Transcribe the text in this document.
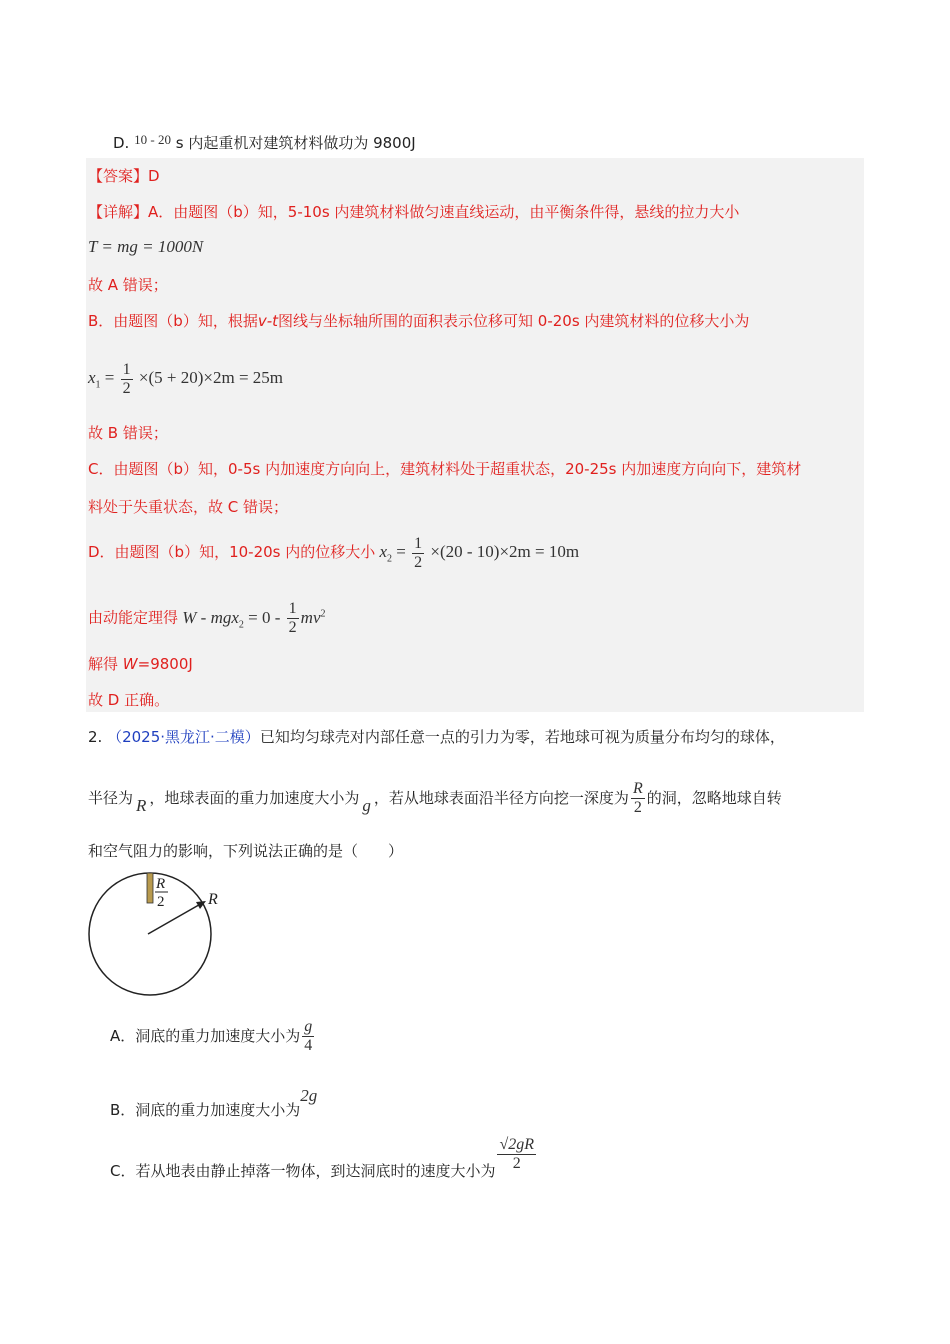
D. 10 - 20 s 内起重机对建筑材料做功为 9800J
【答案】D
【详解】A．由题图（b）知，5-10s 内建筑材料做匀速直线运动，由平衡条件得，悬线的拉力大小
T = mg = 1000N
故 A 错误；
B．由题图（b）知，根据v-t图线与坐标轴所围的面积表示位移可知 0-20s 内建筑材料的位移大小为
$x_1 = \frac{1}{2} \times(5 + 20)\times 2m = 25m$
故 B 错误；
C．由题图（b）知，0-5s 内加速度方向向上，建筑材料处于超重状态，20-25s 内加速度方向向下，建筑材
料处于失重状态，故 C 错误；
D．由题图（b）知，10-20s 内的位移大小 $x_2 = \frac{1}{2} \times(20 - 10)\times 2m = 10m$
由动能定理得 $W - mgx_2 = 0 - \frac{1}{2} mv^2$
解得 W=9800J
故 D 正确。
2. （2025·黑龙江·二模）已知均匀球壳对内部任意一点的引力为零，若地球可视为质量分布均匀的球体，
半径为 R ，地球表面的重力加速度大小为 g ，若从地球表面沿半径方向挖一深度为 $\frac{R}{2}$ 的洞，忽略地球自转
和空气阻力的影响，下列说法正确的是（　　）
R
R
2
A．洞底的重力加速度大小为 $\frac{g}{4}$
B．洞底的重力加速度大小为2g
C．若从地表由静止掉落一物体，到达洞底时的速度大小为 $\frac{√2gR}{2}$
